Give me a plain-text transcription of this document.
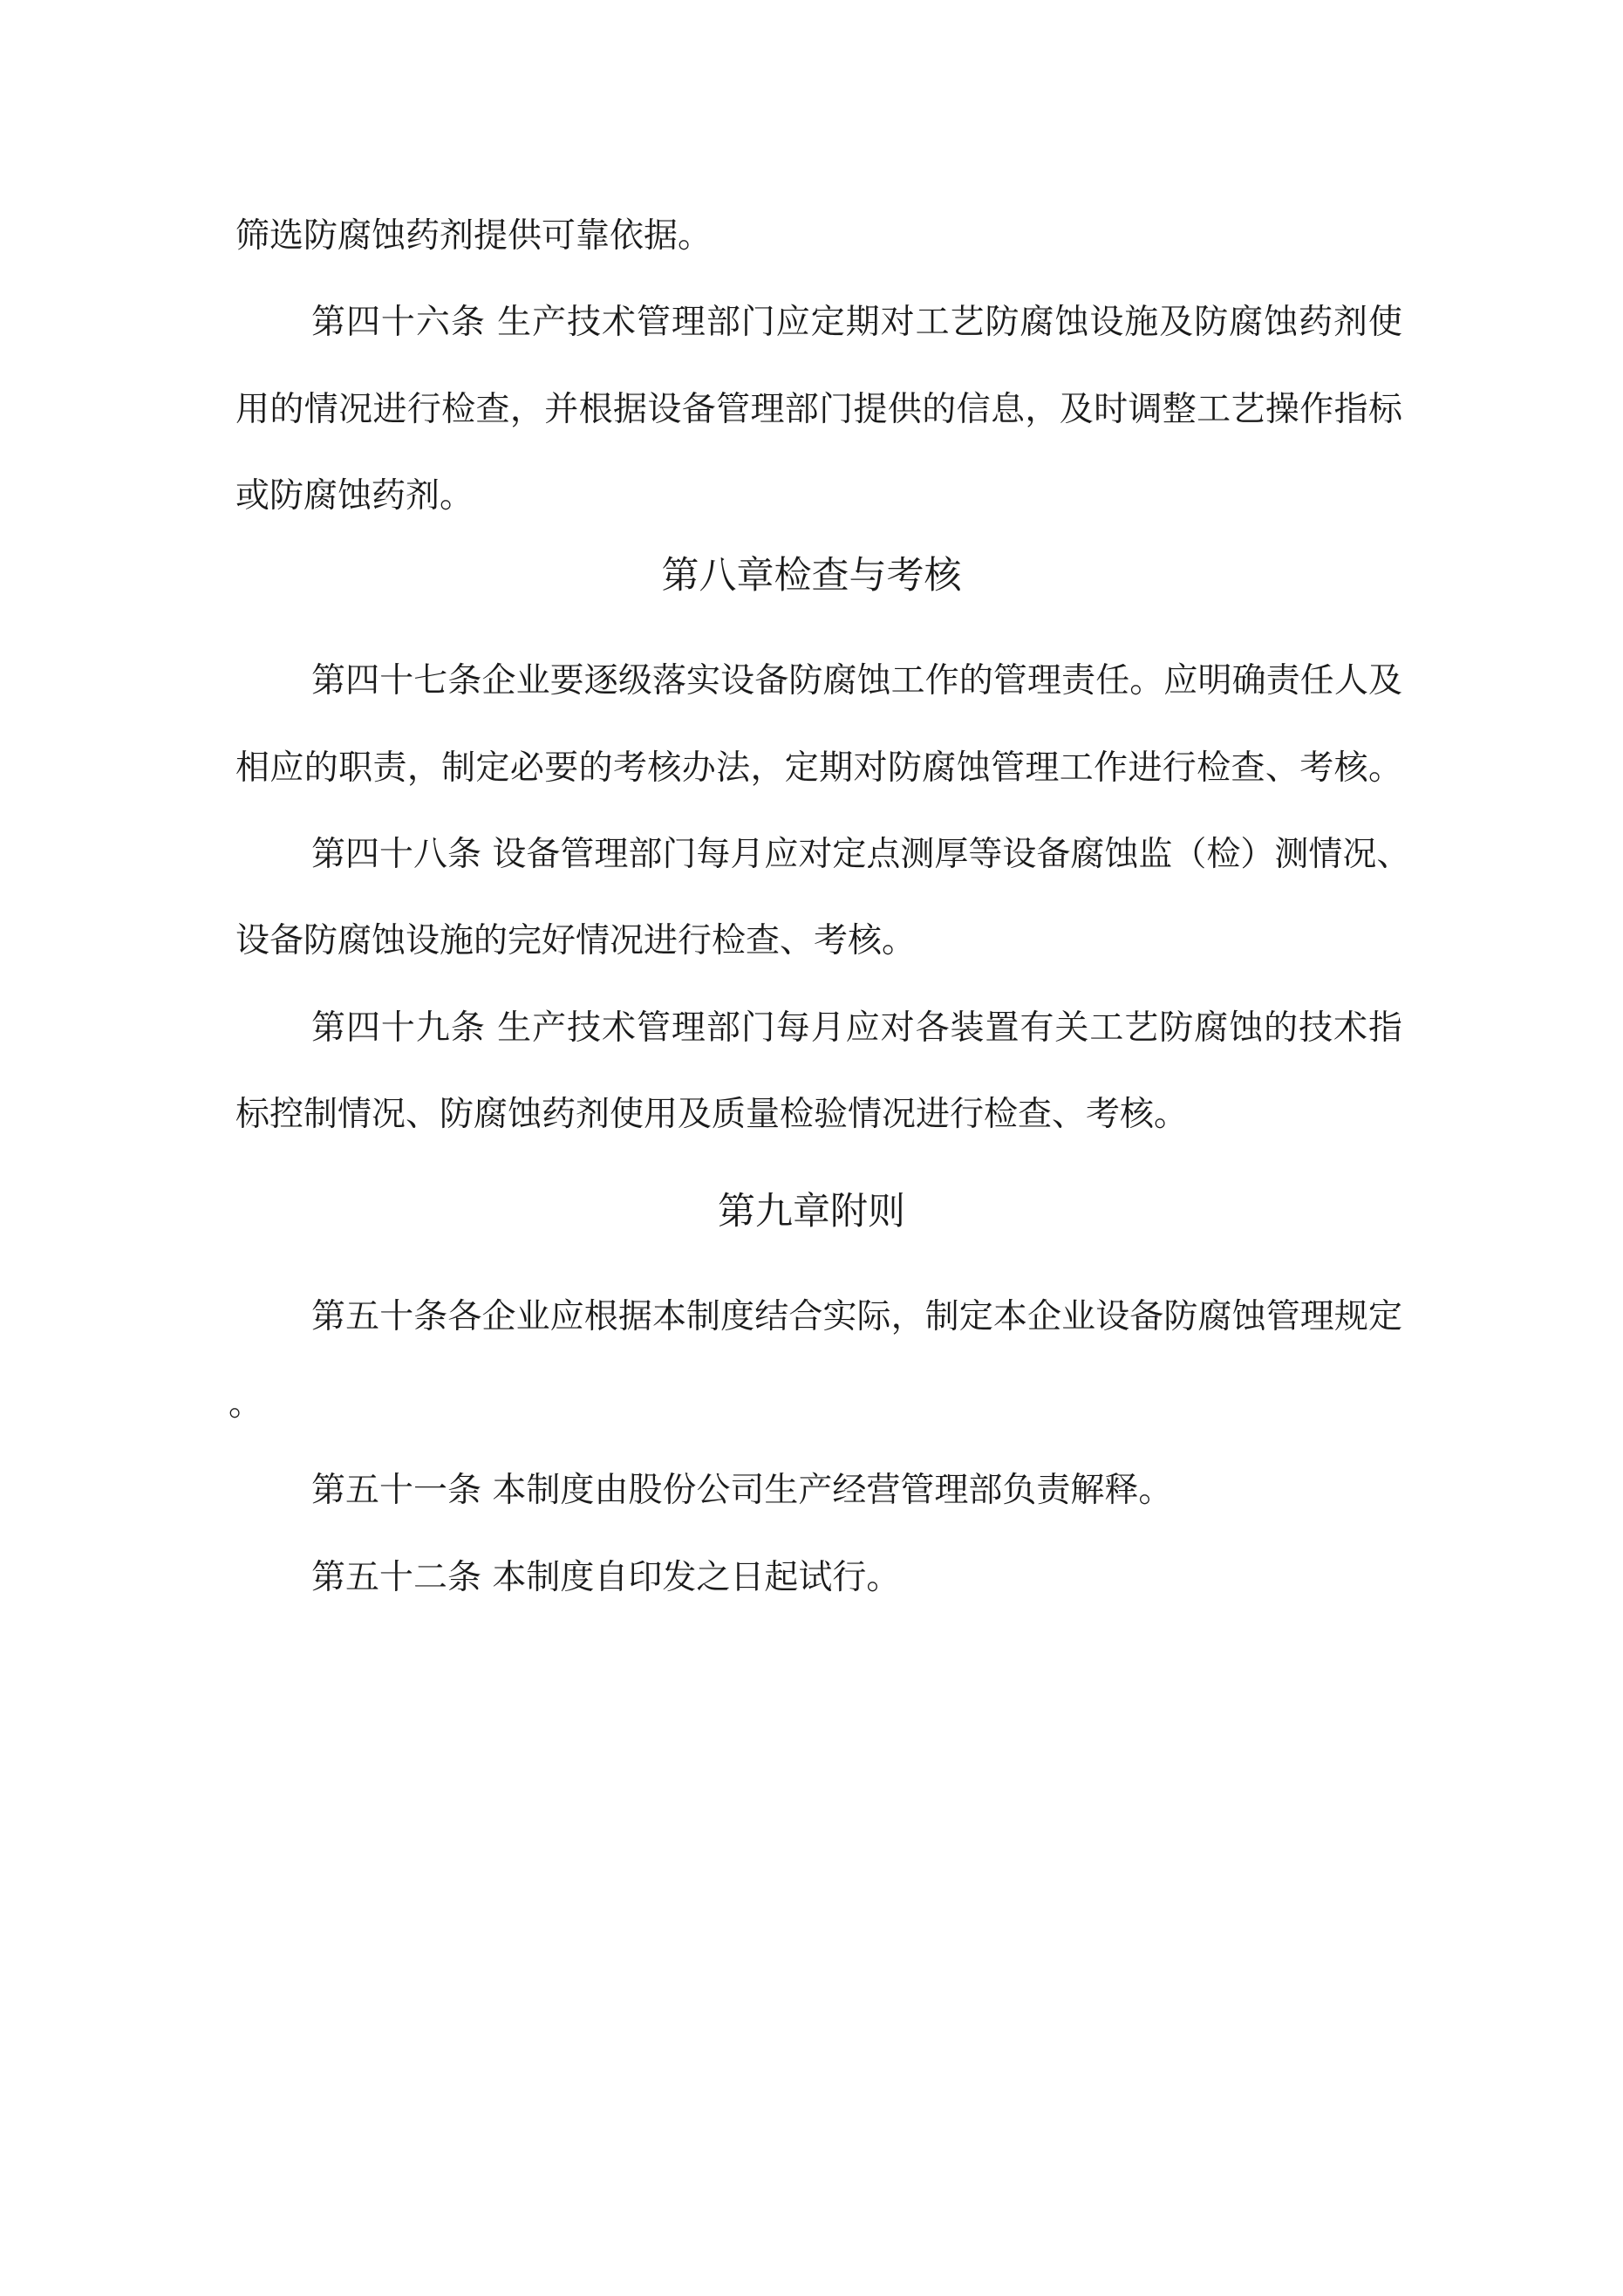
筛选防腐蚀药剂提供可靠依据。
第四十六条 生产技术管理部门应定期对工艺防腐蚀设施及防腐蚀药剂使
用的情况进行检查，并根据设备管理部门提供的信息，及时调整工艺操作指标
或防腐蚀药剂。
第八章检查与考核
第四十七条企业要逐级落实设备防腐蚀工作的管理责任。应明确责任人及
相应的职责，制定必要的考核办法，定期对防腐蚀管理工作进行检查、考核。
第四十八条 设备管理部门每月应对定点测厚等设备腐蚀监（检）测情况、
设备防腐蚀设施的完好情况进行检查、考核。
第四十九条 生产技术管理部门每月应对各装置有关工艺防腐蚀的技术指
标控制情况、防腐蚀药剂使用及质量检验情况进行检查、考核。
第九章附则
第五十条各企业应根据本制度结合实际，制定本企业设备防腐蚀管理规定
。
第五十一条 本制度由股份公司生产经营管理部负责解释。
第五十二条 本制度自印发之日起试行。
